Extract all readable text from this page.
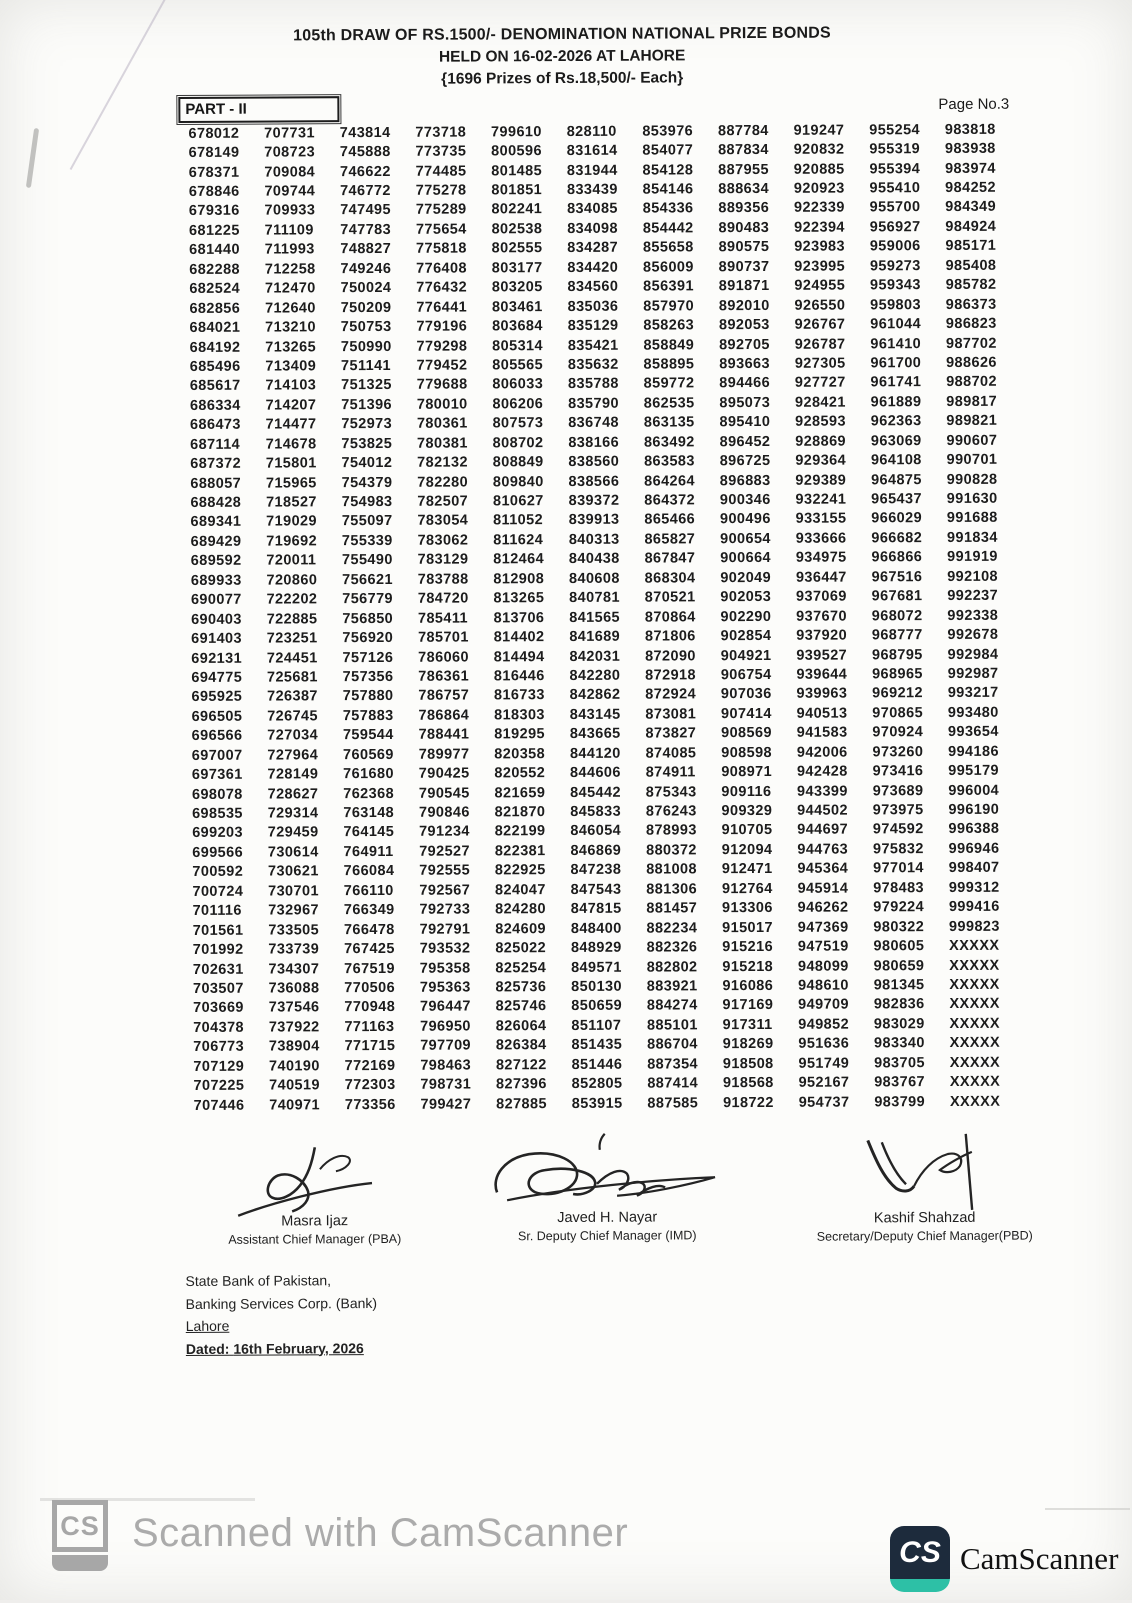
105th DRAW OF RS.1500/- DENOMINATION NATIONAL PRIZE BONDS
HELD ON 16-02-2026 AT LAHORE
{1696 Prizes of Rs.18,500/- Each}
PART - II	Page No.3
678012	707731	743814	773718	799610	828110	853976	887784	919247	955254	983818
678149	708723	745888	773735	800596	831614	854077	887834	920832	955319	983938
678371	709084	746622	774485	801485	831944	854128	887955	920885	955394	983974
678846	709744	746772	775278	801851	833439	854146	888634	920923	955410	984252
679316	709933	747495	775289	802241	834085	854336	889356	922339	955700	984349
681225	711109	747783	775654	802538	834098	854442	890483	922394	956927	984924
681440	711993	748827	775818	802555	834287	855658	890575	923983	959006	985171
682288	712258	749246	776408	803177	834420	856009	890737	923995	959273	985408
682524	712470	750024	776432	803205	834560	856391	891871	924955	959343	985782
682856	712640	750209	776441	803461	835036	857970	892010	926550	959803	986373
684021	713210	750753	779196	803684	835129	858263	892053	926767	961044	986823
684192	713265	750990	779298	805314	835421	858849	892705	926787	961410	987702
685496	713409	751141	779452	805565	835632	858895	893663	927305	961700	988626
685617	714103	751325	779688	806033	835788	859772	894466	927727	961741	988702
686334	714207	751396	780010	806206	835790	862535	895073	928421	961889	989817
686473	714477	752973	780361	807573	836748	863135	895410	928593	962363	989821
687114	714678	753825	780381	808702	838166	863492	896452	928869	963069	990607
687372	715801	754012	782132	808849	838560	863583	896725	929364	964108	990701
688057	715965	754379	782280	809840	838566	864264	896883	929389	964875	990828
688428	718527	754983	782507	810627	839372	864372	900346	932241	965437	991630
689341	719029	755097	783054	811052	839913	865466	900496	933155	966029	991688
689429	719692	755339	783062	811624	840313	865827	900654	933666	966682	991834
689592	720011	755490	783129	812464	840438	867847	900664	934975	966866	991919
689933	720860	756621	783788	812908	840608	868304	902049	936447	967516	992108
690077	722202	756779	784720	813265	840781	870521	902053	937069	967681	992237
690403	722885	756850	785411	813706	841565	870864	902290	937670	968072	992338
691403	723251	756920	785701	814402	841689	871806	902854	937920	968777	992678
692131	724451	757126	786060	814494	842031	872090	904921	939527	968795	992984
694775	725681	757356	786361	816446	842280	872918	906754	939644	968965	992987
695925	726387	757880	786757	816733	842862	872924	907036	939963	969212	993217
696505	726745	757883	786864	818303	843145	873081	907414	940513	970865	993480
696566	727034	759544	788441	819295	843665	873827	908569	941583	970924	993654
697007	727964	760569	789977	820358	844120	874085	908598	942006	973260	994186
697361	728149	761680	790425	820552	844606	874911	908971	942428	973416	995179
698078	728627	762368	790545	821659	845442	875343	909116	943399	973689	996004
698535	729314	763148	790846	821870	845833	876243	909329	944502	973975	996190
699203	729459	764145	791234	822199	846054	878993	910705	944697	974592	996388
699566	730614	764911	792527	822381	846869	880372	912094	944763	975832	996946
700592	730621	766084	792555	822925	847238	881008	912471	945364	977014	998407
700724	730701	766110	792567	824047	847543	881306	912764	945914	978483	999312
701116	732967	766349	792733	824280	847815	881457	913306	946262	979224	999416
701561	733505	766478	792791	824609	848400	882234	915017	947369	980322	999823
701992	733739	767425	793532	825022	848929	882326	915216	947519	980605	XXXXX
702631	734307	767519	795358	825254	849571	882802	915218	948099	980659	XXXXX
703507	736088	770506	795363	825736	850130	883921	916086	948610	981345	XXXXX
703669	737546	770948	796447	825746	850659	884274	917169	949709	982836	XXXXX
704378	737922	771163	796950	826064	851107	885101	917311	949852	983029	XXXXX
706773	738904	771715	797709	826384	851435	886704	918269	951636	983340	XXXXX
707129	740190	772169	798463	827122	851446	887354	918508	951749	983705	XXXXX
707225	740519	772303	798731	827396	852805	887414	918568	952167	983767	XXXXX
707446	740971	773356	799427	827885	853915	887585	918722	954737	983799	XXXXX
Masra Ijaz
Assistant Chief Manager (PBA)
Javed H. Nayar
Sr. Deputy Chief Manager (IMD)
Kashif Shahzad
Secretary/Deputy Chief Manager(PBD)
State Bank of Pakistan,
Banking Services Corp. (Bank)
Lahore
Dated: 16th February, 2026
CS Scanned with CamScanner	CS CamScanner
